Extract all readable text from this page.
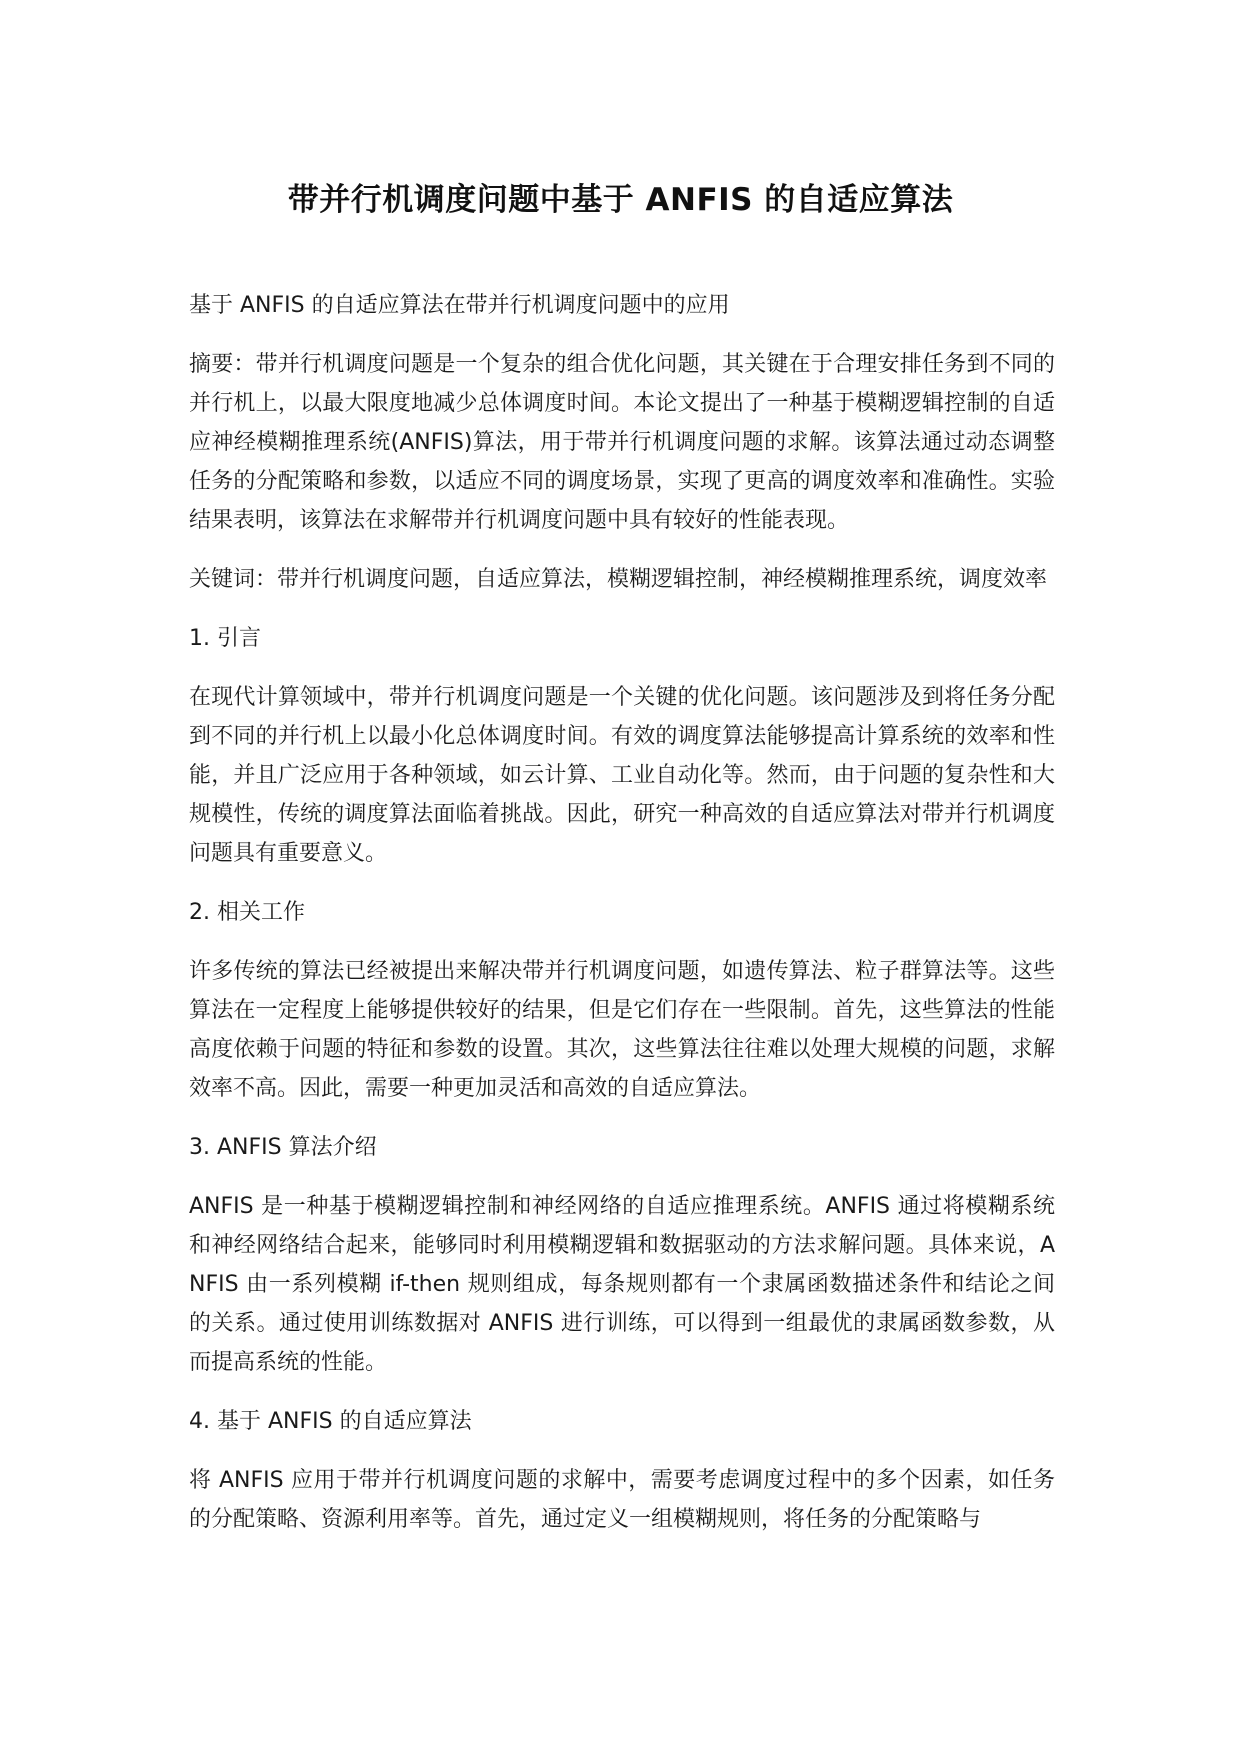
带并行机调度问题中基于 ANFIS 的自适应算法

基于 ANFIS 的自适应算法在带并行机调度问题中的应用

摘要：带并行机调度问题是一个复杂的组合优化问题，其关键在于合理安排任务到不同的并行机上，以最大限度地减少总体调度时间。本论文提出了一种基于模糊逻辑控制的自适应神经模糊推理系统(ANFIS)算法，用于带并行机调度问题的求解。该算法通过动态调整任务的分配策略和参数，以适应不同的调度场景，实现了更高的调度效率和准确性。实验结果表明，该算法在求解带并行机调度问题中具有较好的性能表现。

关键词：带并行机调度问题，自适应算法，模糊逻辑控制，神经模糊推理系统，调度效率

1. 引言

在现代计算领域中，带并行机调度问题是一个关键的优化问题。该问题涉及到将任务分配到不同的并行机上以最小化总体调度时间。有效的调度算法能够提高计算系统的效率和性能，并且广泛应用于各种领域，如云计算、工业自动化等。然而，由于问题的复杂性和大规模性，传统的调度算法面临着挑战。因此，研究一种高效的自适应算法对带并行机调度问题具有重要意义。

2. 相关工作

许多传统的算法已经被提出来解决带并行机调度问题，如遗传算法、粒子群算法等。这些算法在一定程度上能够提供较好的结果，但是它们存在一些限制。首先，这些算法的性能高度依赖于问题的特征和参数的设置。其次，这些算法往往难以处理大规模的问题，求解效率不高。因此，需要一种更加灵活和高效的自适应算法。

3. ANFIS 算法介绍

ANFIS 是一种基于模糊逻辑控制和神经网络的自适应推理系统。ANFIS 通过将模糊系统和神经网络结合起来，能够同时利用模糊逻辑和数据驱动的方法求解问题。具体来说，ANFIS 由一系列模糊 if-then 规则组成，每条规则都有一个隶属函数描述条件和结论之间的关系。通过使用训练数据对 ANFIS 进行训练，可以得到一组最优的隶属函数参数，从而提高系统的性能。

4. 基于 ANFIS 的自适应算法

将 ANFIS 应用于带并行机调度问题的求解中，需要考虑调度过程中的多个因素，如任务的分配策略、资源利用率等。首先，通过定义一组模糊规则，将任务的分配策略与
